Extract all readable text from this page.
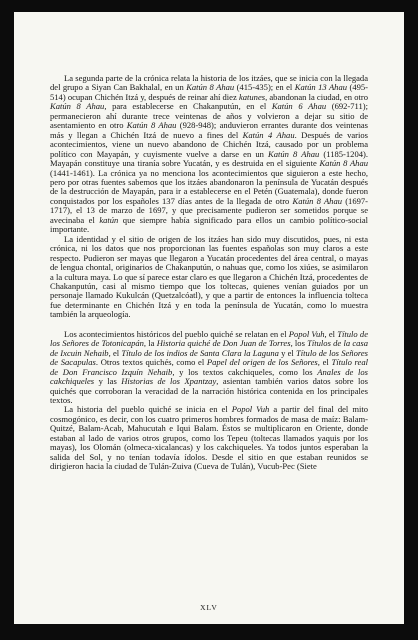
La segunda parte de la crónica relata la historia de los itzáes, que se inicia con la llegada del grupo a Siyan Can Bakhalal, en un Katún 8 Ahau (415-435); en el Katún 13 Ahau (495-514) ocupan Chichén Itzá y, después de reinar ahí diez katunes, abandonan la ciudad, en otro Katún 8 Ahau, para establecerse en Chakanputún, en el Katún 6 Ahau (692-711); permanecieron ahí durante trece veintenas de años y volvieron a dejar su sitio de asentamiento en otro Katún 8 Ahau (928-948); anduvieron errantes durante dos veintenas más y llegan a Chichén Itzá de nuevo a fines del Katún 4 Ahau. Después de varios acontecimientos, viene un nuevo abandono de Chichén Itzá, causado por un problema político con Mayapán, y cuyismente vuelve a darse en un Katún 8 Ahau (1185-1204). Mayapán constituye una tiranía sobre Yucatán, y es destruida en el siguiente Katún 8 Ahau (1441-1461). La crónica ya no menciona los acontecimientos que siguieron a este hecho, pero por otras fuentes sabemos que los itzáes abandonaron la península de Yucatán después de la destrucción de Mayapán, para ir a establecerse en el Petén (Guatemala), donde fueron conquistados por los españoles 137 días antes de la llegada de otro Katún 8 Ahau (1697-1717), el 13 de marzo de 1697, y que precisamente pudieron ser sometidos porque se avecinaba el katún que siempre había significado para ellos un cambio político-social importante.

La identidad y el sitio de origen de los itzáes han sido muy discutidos, pues, ni esta crónica, ni los datos que nos proporcionan las fuentes españolas son muy claros a este respecto. Pudieron ser mayas que llegaron a Yucatán procedentes del área central, o mayas de lengua chontal, originarios de Chakanputún, o nahuas que, como los xiúes, se asimilaron a la cultura maya. Lo que sí parece estar claro es que llegaron a Chichén Itzá, procedentes de Chakanputún, casi al mismo tiempo que los toltecas, quienes venían guiados por un personaje llamado Kukulcán (Quetzalcóatl), y que a partir de entonces la influencia tolteca fue determinante en Chichén Itzá y en toda la península de Yucatán, como lo muestra también la arqueología.

Los acontecimientos históricos del pueblo quiché se relatan en el Popol Vuh, el Título de los Señores de Totonicapán, la Historia quiché de Don Juan de Torres, los Títulos de la casa de Ixcuin Nehaib, el Título de los indios de Santa Clara la Laguna y el Título de los Señores de Sacapulas. Otros textos quichés, como el Papel del origen de los Señores, el Título real de Don Francisco Izquín Nehaib, y los textos cakchiqueles, como los Anales de los cakchiqueles y las Historias de los Xpantzay, asientan también varios datos sobre los quichés que corroboran la veracidad de la narración histórica contenida en los principales textos.

La historia del pueblo quiché se inicia en el Popol Vuh a partir del final del mito cosmogónico, es decir, con los cuatro primeros hombres formados de masa de maíz: Balam-Quitzé, Balam-Acab, Mahucutah e Iqui Balam. Éstos se multiplicaron en Oriente, donde estaban al lado de varios otros grupos, como los Tepeu (toltecas llamados yaquis por los mayas), los Olomán (olmeca-xicalancas) y los cakchiqueles. Ya todos juntos esperaban la salida del Sol, y no tenían todavía ídolos. Desde el sitio en que estaban reunidos se dirigieron hacia la ciudad de Tulán-Zuiva (Cueva de Tulán), Vucub-Pec (Siete

XLV
